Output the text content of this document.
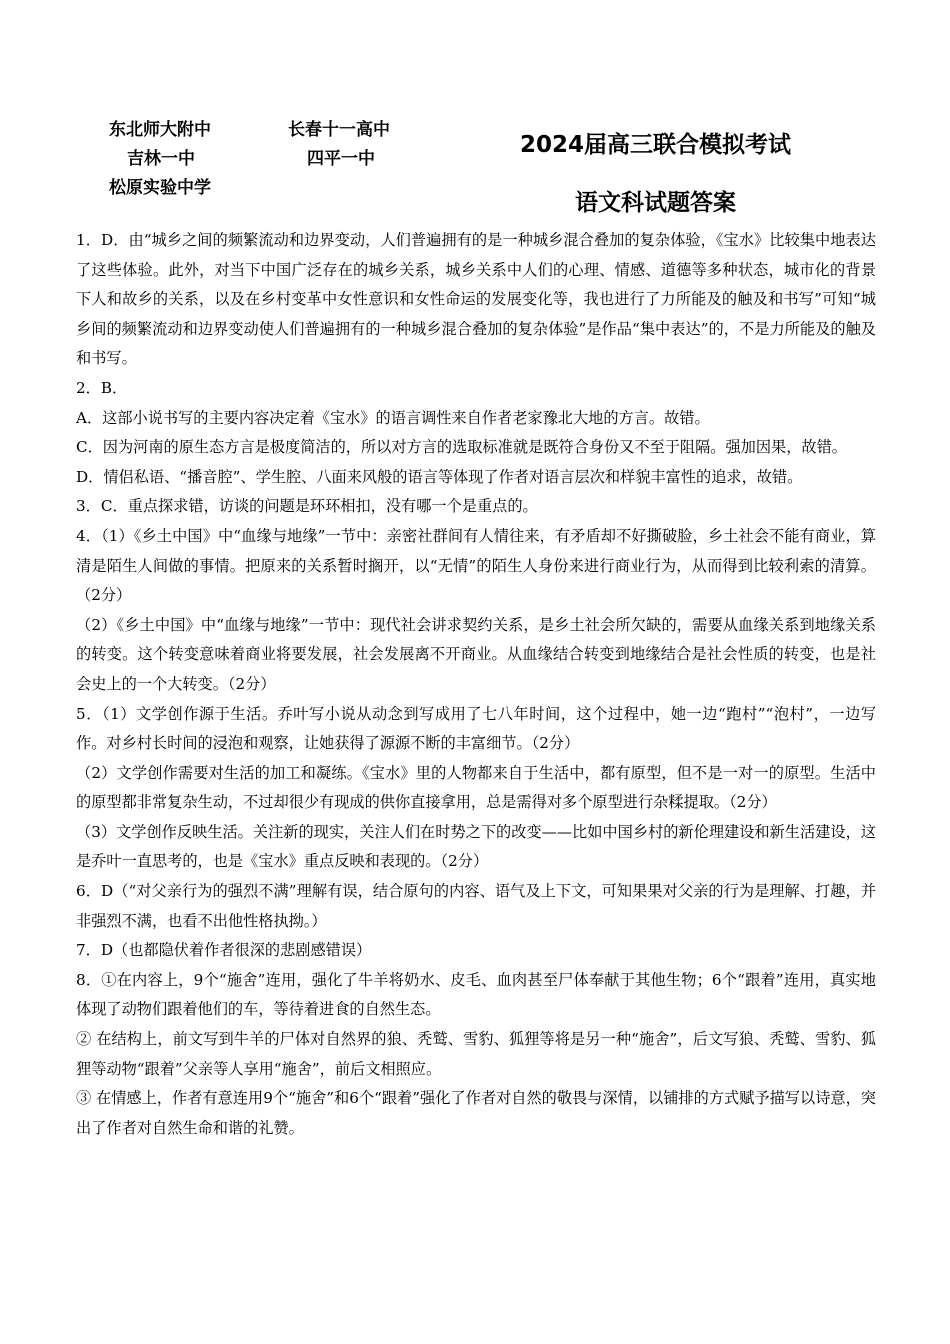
东北师大附中	长春十一高中
吉林一中	四平一中
松原实验中学
2024届高三联合模拟考试
语文科试题答案

1．D．由“城乡之间的频繁流动和边界变动，人们普遍拥有的是一种城乡混合叠加的复杂体验，《宝水》比较集中地表达了这些体验。此外，对当下中国广泛存在的城乡关系，城乡关系中人们的心理、情感、道德等多种状态，城市化的背景下人和故乡的关系，以及在乡村变革中女性意识和女性命运的发展变化等，我也进行了力所能及的触及和书写”可知“城乡间的频繁流动和边界变动使人们普遍拥有的一种城乡混合叠加的复杂体验”是作品“集中表达”的，不是力所能及的触及和书写。

2．B．

A．这部小说书写的主要内容决定着《宝水》的语言调性来自作者老家豫北大地的方言。故错。

C．因为河南的原生态方言是极度简洁的，所以对方言的选取标准就是既符合身份又不至于阻隔。强加因果，故错。

D．情侣私语、“播音腔”、学生腔、八面来风般的语言等体现了作者对语言层次和样貌丰富性的追求，故错。

3．C．重点探求错，访谈的问题是环环相扣，没有哪一个是重点的。

4．（1）《乡土中国》中“血缘与地缘”一节中：亲密社群间有人情往来，有矛盾却不好撕破脸，乡土社会不能有商业，算清是陌生人间做的事情。把原来的关系暂时搁开，以“无情”的陌生人身份来进行商业行为，从而得到比较利索的清算。（2分）

（2）《乡土中国》中“血缘与地缘”一节中：现代社会讲求契约关系，是乡土社会所欠缺的，需要从血缘关系到地缘关系的转变。这个转变意味着商业将要发展，社会发展离不开商业。从血缘结合转变到地缘结合是社会性质的转变，也是社会史上的一个大转变。（2分）

5．（1）文学创作源于生活。乔叶写小说从动念到写成用了七八年时间，这个过程中，她一边“跑村”“泡村”，一边写作。对乡村长时间的浸泡和观察，让她获得了源源不断的丰富细节。（2分）

（2）文学创作需要对生活的加工和凝练。《宝水》里的人物都来自于生活中，都有原型，但不是一对一的原型。生活中的原型都非常复杂生动，不过却很少有现成的供你直接拿用，总是需得对多个原型进行杂糅提取。（2分）

（3）文学创作反映生活。关注新的现实，关注人们在时势之下的改变——比如中国乡村的新伦理建设和新生活建设，这是乔叶一直思考的，也是《宝水》重点反映和表现的。（2分）

6．D（“对父亲行为的强烈不满”理解有误，结合原句的内容、语气及上下文，可知果果对父亲的行为是理解、打趣，并非强烈不满，也看不出他性格执拗。）

7．D（也都隐伏着作者很深的悲剧感错误）

8．①在内容上，9个“施舍”连用，强化了牛羊将奶水、皮毛、血肉甚至尸体奉献于其他生物；6个“跟着”连用，真实地体现了动物们跟着他们的车，等待着进食的自然生态。

② 在结构上，前文写到牛羊的尸体对自然界的狼、秃鹫、雪豹、狐狸等将是另一种“施舍”，后文写狼、秃鹫、雪豹、狐狸等动物“跟着”父亲等人享用“施舍”，前后文相照应。

③ 在情感上，作者有意连用9个“施舍”和6个“跟着”强化了作者对自然的敬畏与深情，以铺排的方式赋予描写以诗意，突出了作者对自然生命和谐的礼赞。
